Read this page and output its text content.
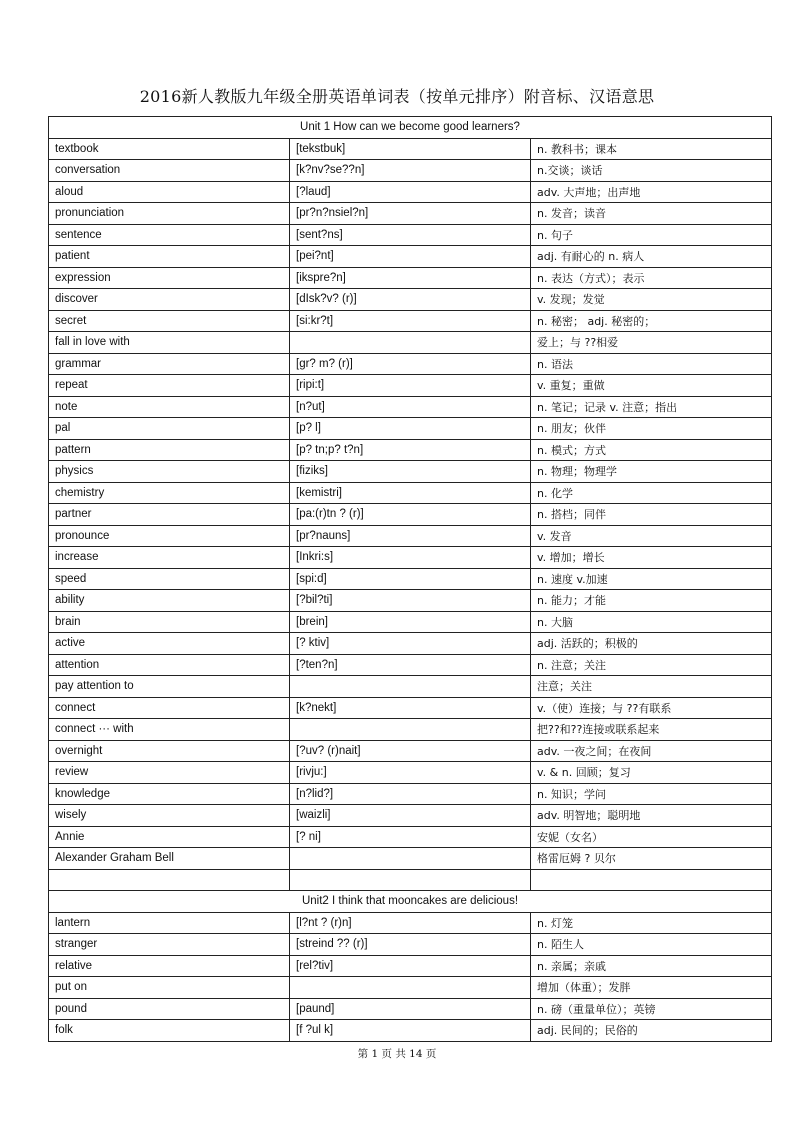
2016新人教版九年级全册英语单词表（按单元排序）附音标、汉语意思
Unit 1 How can we become good learners?		
textbook	[tekstbuk]	n. 教科书；课本
conversation	[k?nv?se??n]	n.交谈；谈话
aloud	[?laud]	adv. 大声地；出声地
pronunciation	[pr?n?nsiel?n]	n. 发音；读音
sentence	[sent?ns]	n. 句子
patient	[pei?nt]	adj. 有耐心的 n. 病人
expression	[ikspre?n]	n. 表达（方式）；表示
discover	[dIsk?v? (r)]	v. 发现；发觉
secret	[si:kr?t]	n. 秘密； adj. 秘密的；
fall in love with		爱上；与 ??相爱
grammar	[gr? m? (r)]	n. 语法
repeat	[ripi:t]	v. 重复；重做
note	[n?ut]	n. 笔记；记录 v. 注意；指出
pal	[p? l]	n. 朋友；伙伴
pattern	[p? tn;p? t?n]	n. 模式；方式
physics	[fiziks]	n. 物理；物理学
chemistry	[kemistri]	n. 化学
partner	[pa:(r)tn ? (r)]	n. 搭档；同伴
pronounce	[pr?nauns]	v. 发音
increase	[Inkri:s]	v. 增加；增长
speed	[spi:d]	n. 速度 v.加速
ability	[?bil?ti]	n. 能力；才能
brain	[brein]	n. 大脑
active	[? ktiv]	adj. 活跃的；积极的
attention	[?ten?n]	n. 注意；关注
pay attention to		注意；关注
connect	[k?nekt]	v.（使）连接；与 ??有联系
connect ··· with		把??和??连接或联系起来
overnight	[?uv? (r)nait]	adv. 一夜之间；在夜间
review	[rivju:]	v. & n. 回顾；复习
knowledge	[n?lid?]	n. 知识；学问
wisely	[waizli]	adv. 明智地；聪明地
Annie	[? ni]	安妮（女名）
Alexander Graham Bell		格雷厄姆 ? 贝尔

Unit2 I think that mooncakes are delicious!		
lantern	[l?nt ? (r)n]	n. 灯笼
stranger	[streind ?? (r)]	n. 陌生人
relative	[rel?tiv]	n. 亲属；亲戚
put on		增加（体重）；发胖
pound	[paund]	n. 磅（重量单位）；英镑
folk	[f ?ul k]	adj. 民间的；民俗的
第 1 页 共 14 页
